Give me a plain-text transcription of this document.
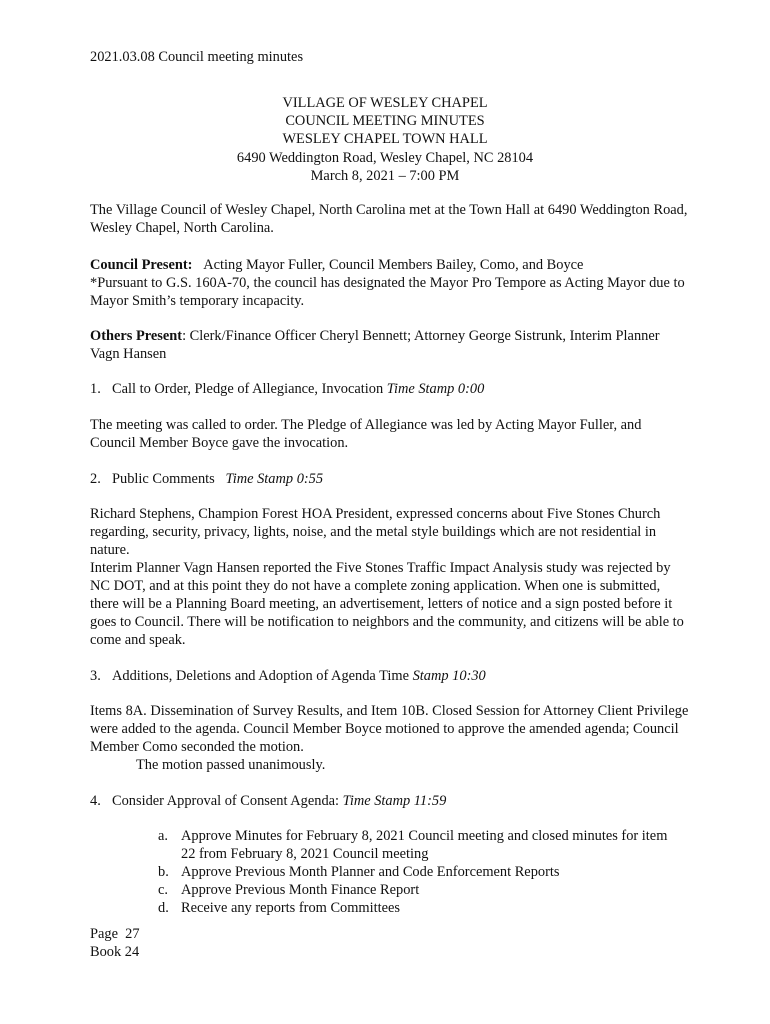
2021.03.08 Council meeting minutes
VILLAGE OF WESLEY CHAPEL
COUNCIL MEETING MINUTES
WESLEY CHAPEL TOWN HALL
6490 Weddington Road, Wesley Chapel, NC 28104
March 8, 2021 – 7:00 PM

The Village Council of Wesley Chapel, North Carolina met at the Town Hall at 6490 Weddington Road, Wesley Chapel, North Carolina.

Council Present: Acting Mayor Fuller, Council Members Bailey, Como, and Boyce

*Pursuant to G.S. 160A-70, the council has designated the Mayor Pro Tempore as Acting Mayor due to Mayor Smith’s temporary incapacity.

Others Present: Clerk/Finance Officer Cheryl Bennett; Attorney George Sistrunk, Interim Planner Vagn Hansen

1. Call to Order, Pledge of Allegiance, Invocation Time Stamp 0:00

The meeting was called to order. The Pledge of Allegiance was led by Acting Mayor Fuller, and Council Member Boyce gave the invocation.

2. Public Comments   Time Stamp 0:55

Richard Stephens, Champion Forest HOA President, expressed concerns about Five Stones Church regarding, security, privacy, lights, noise, and the metal style buildings which are not residential in nature.

Interim Planner Vagn Hansen reported the Five Stones Traffic Impact Analysis study was rejected by NC DOT, and at this point they do not have a complete zoning application. When one is submitted, there will be a Planning Board meeting, an advertisement, letters of notice and a sign posted before it goes to Council. There will be notification to neighbors and the community, and citizens will be able to come and speak.

3. Additions, Deletions and Adoption of Agenda Time Stamp 10:30

Items 8A. Dissemination of Survey Results, and Item 10B. Closed Session for Attorney Client Privilege were added to the agenda. Council Member Boyce motioned to approve the amended agenda; Council Member Como seconded the motion.

The motion passed unanimously.

4. Consider Approval of Consent Agenda: Time Stamp 11:59

a. Approve Minutes for February 8, 2021 Council meeting and closed minutes for item 22 from February 8, 2021 Council meeting
b. Approve Previous Month Planner and Code Enforcement Reports
c. Approve Previous Month Finance Report
d. Receive any reports from Committees
Page  27
Book 24
